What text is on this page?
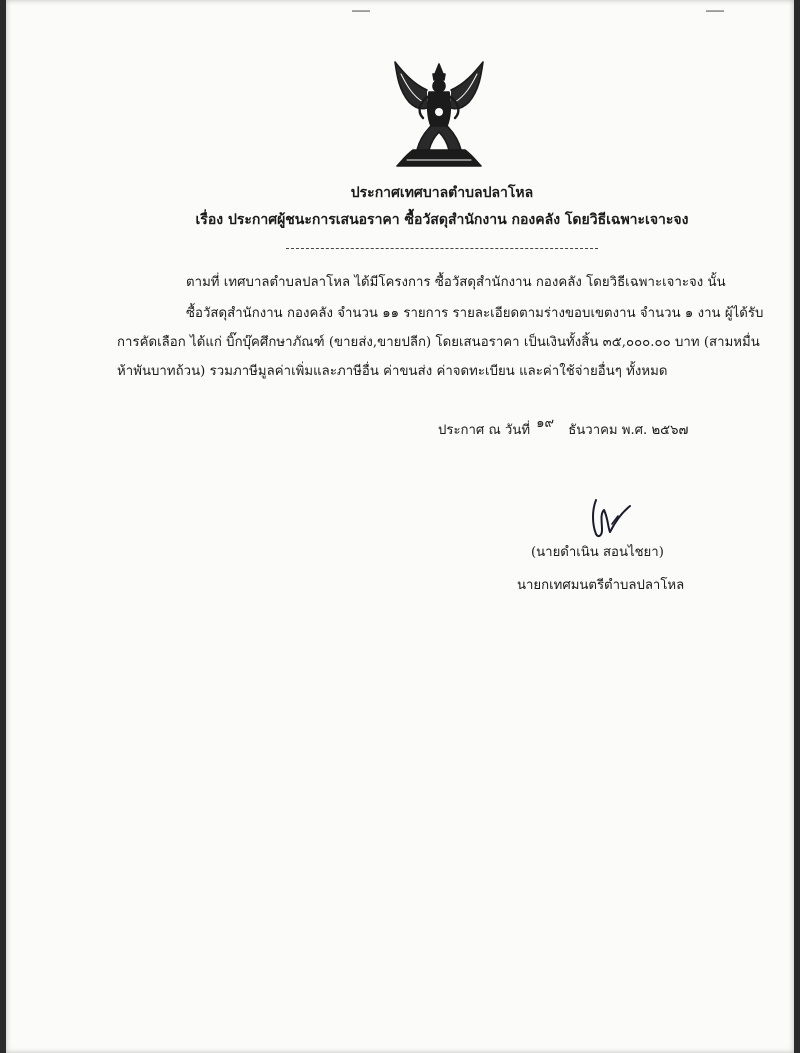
▬▬▬	▬▬▬
ประกาศเทศบาลตำบลปลาโหล
เรื่อง ประกาศผู้ชนะการเสนอราคา ซื้อวัสดุสำนักงาน กองคลัง โดยวิธีเฉพาะเจาะจง
ตามที่ เทศบาลตำบลปลาโหล ได้มีโครงการ ซื้อวัสดุสำนักงาน กองคลัง โดยวิธีเฉพาะเจาะจง นั้น
ซื้อวัสดุสำนักงาน กองคลัง จำนวน ๑๑ รายการ รายละเอียดตามร่างขอบเขตงาน จำนวน ๑ งาน ผู้ได้รับ
การคัดเลือก ได้แก่ บิ๊กบุ๊คศึกษาภัณฑ์ (ขายส่ง,ขายปลีก) โดยเสนอราคา เป็นเงินทั้งสิ้น ๓๕,๐๐๐.๐๐ บาท (สามหมื่น
ห้าพันบาทถ้วน) รวมภาษีมูลค่าเพิ่มและภาษีอื่น ค่าขนส่ง ค่าจดทะเบียน และค่าใช้จ่ายอื่นๆ ทั้งหมด
ประกาศ ณ วันที่ ๑๙ ธันวาคม พ.ศ. ๒๕๖๗
(นายดำเนิน สอนไชยา)
นายกเทศมนตรีตำบลปลาโหล
